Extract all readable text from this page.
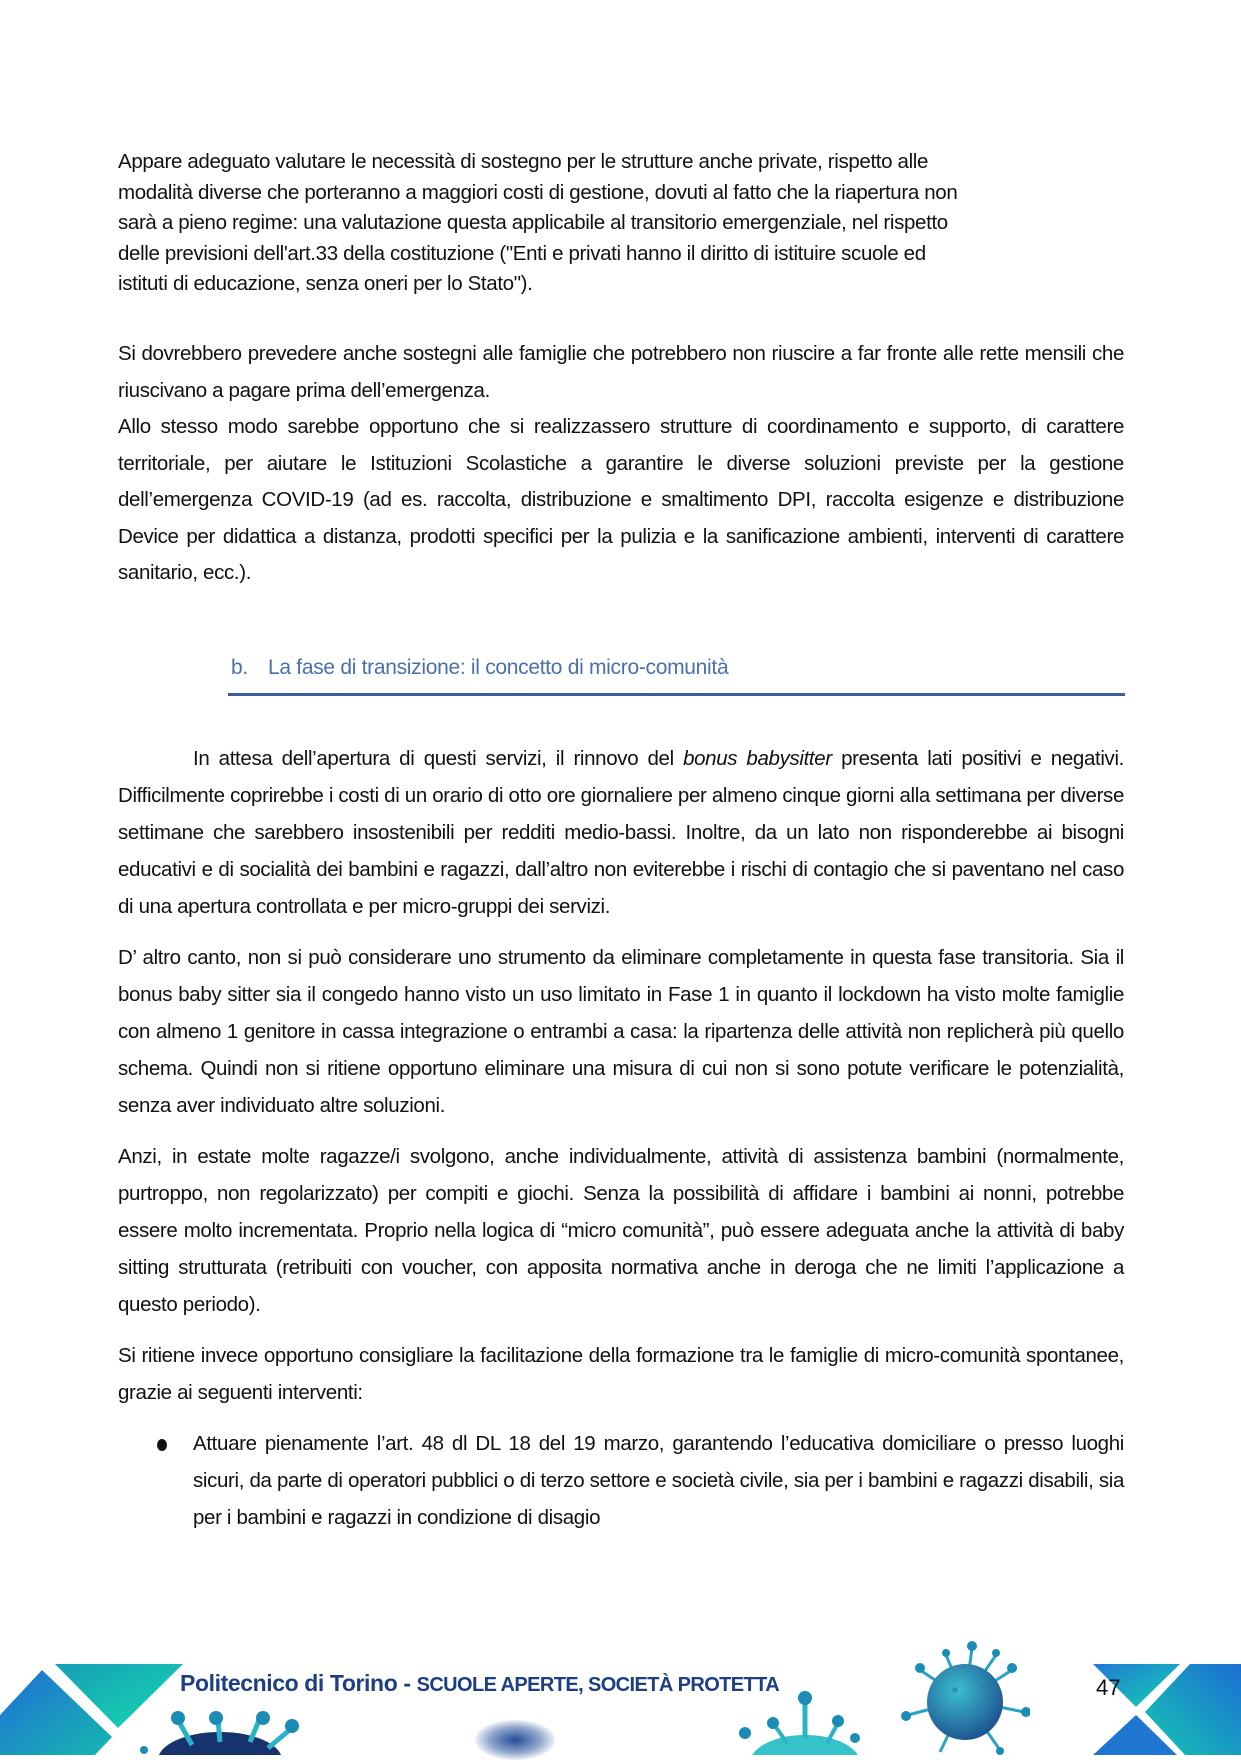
Appare adeguato valutare le necessità di sostegno per le strutture anche private, rispetto alle

modalità diverse che porteranno a maggiori costi di gestione, dovuti al fatto che la riapertura non

sarà a pieno regime: una valutazione questa applicabile al transitorio emergenziale, nel rispetto

delle previsioni dell'art.33 della costituzione ("Enti e privati hanno il diritto di istituire scuole ed

istituti di educazione, senza oneri per lo Stato").

Si dovrebbero prevedere anche sostegni alle famiglie che potrebbero non riuscire a far fronte alle rette mensili che riuscivano a pagare prima dell’emergenza.

Allo stesso modo sarebbe opportuno che si realizzassero strutture di coordinamento e supporto, di carattere territoriale, per aiutare le Istituzioni Scolastiche a garantire le diverse soluzioni previste per la gestione dell’emergenza COVID-19 (ad es. raccolta, distribuzione e smaltimento DPI, raccolta esigenze e distribuzione Device per didattica a distanza, prodotti specifici per la pulizia e la sanificazione ambienti, interventi di carattere sanitario, ecc.).

b. La fase di transizione: il concetto di micro-comunità

In attesa dell’apertura di questi servizi, il rinnovo del bonus babysitter presenta lati positivi e negativi. Difficilmente coprirebbe i costi di un orario di otto ore giornaliere per almeno cinque giorni alla settimana per diverse settimane che sarebbero insostenibili per redditi medio-bassi. Inoltre, da un lato non risponderebbe ai bisogni educativi e di socialità dei bambini e ragazzi, dall’altro non eviterebbe i rischi di contagio che si paventano nel caso di una apertura controllata e per micro-gruppi dei servizi.

D’ altro canto, non si può considerare uno strumento da eliminare completamente in questa fase transitoria. Sia il bonus baby sitter sia il congedo hanno visto un uso limitato in Fase 1 in quanto il lockdown ha visto molte famiglie con almeno 1 genitore in cassa integrazione o entrambi a casa: la ripartenza delle attività non replicherà più quello schema. Quindi non si ritiene opportuno eliminare una misura di cui non si sono potute verificare le potenzialità, senza aver individuato altre soluzioni.

Anzi, in estate molte ragazze/i svolgono, anche individualmente, attività di assistenza bambini (normalmente, purtroppo, non regolarizzato) per compiti e giochi. Senza la possibilità di affidare i bambini ai nonni, potrebbe essere molto incrementata. Proprio nella logica di “micro comunità”, può essere adeguata anche la attività di baby sitting strutturata (retribuiti con voucher, con apposita normativa anche in deroga che ne limiti l’applicazione a questo periodo).

Si ritiene invece opportuno consigliare la facilitazione della formazione tra le famiglie di micro-comunità spontanee, grazie ai seguenti interventi:

Attuare pienamente l’art. 48 dl DL 18 del 19 marzo, garantendo l’educativa domiciliare o presso luoghi sicuri, da parte di operatori pubblici o di terzo settore e società civile, sia per i bambini e ragazzi disabili, sia per i bambini e ragazzi in condizione di disagio
Politecnico di Torino - SCUOLE APERTE, SOCIETÀ PROTETTA	47
